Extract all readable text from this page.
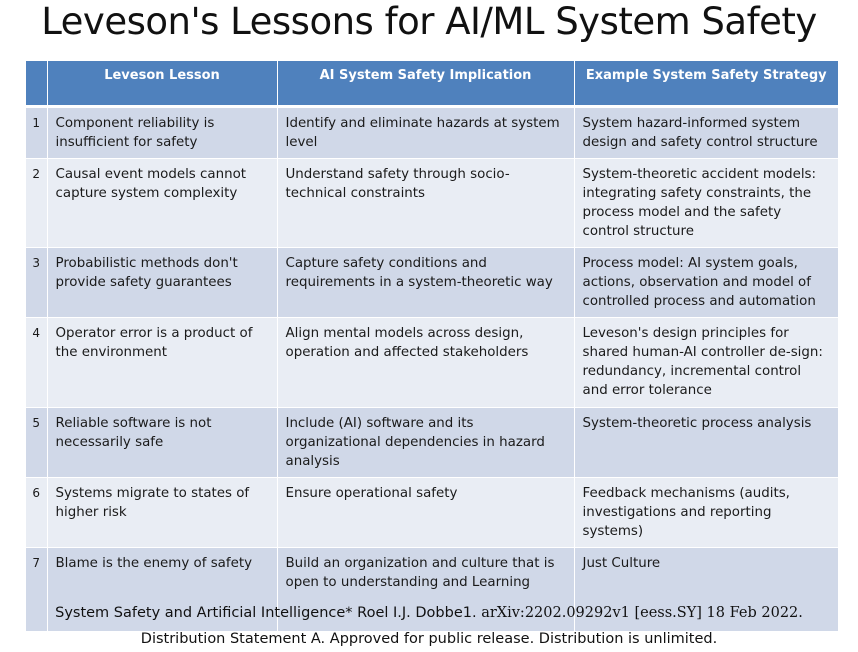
Leveson's Lessons for AI/ML System Safety
	Leveson Lesson	AI System Safety Implication	Example System Safety Strategy
1	Component reliability is insufficient for safety	Identify and eliminate hazards at system level	System hazard-informed system design and safety control structure
2	Causal event models cannot capture system complexity	Understand safety through socio-technical constraints	System-theoretic accident models: integrating safety constraints, the process model and the safety control structure
3	Probabilistic methods don't provide safety guarantees	Capture safety conditions and requirements in a system-theoretic way	Process model: AI system goals, actions, observation and model of controlled process and automation
4	Operator error is a product of the environment	Align mental models across design, operation and affected stakeholders	Leveson's design principles for shared human-AI controller de-sign: redundancy, incremental control and error tolerance
5	Reliable software is not necessarily safe	Include (AI) software and its organizational dependencies in hazard analysis	System-theoretic process analysis
6	Systems migrate to states of higher risk	Ensure operational safety	Feedback mechanisms (audits, investigations and reporting systems)
7	Blame is the enemy of safety	Build an organization and culture that is open to understanding and Learning	Just Culture
System Safety and Artificial Intelligence* Roel I.J. Dobbe1. arXiv:2202.09292v1 [eess.SY] 18 Feb 2022.
Distribution Statement A. Approved for public release. Distribution is unlimited.
